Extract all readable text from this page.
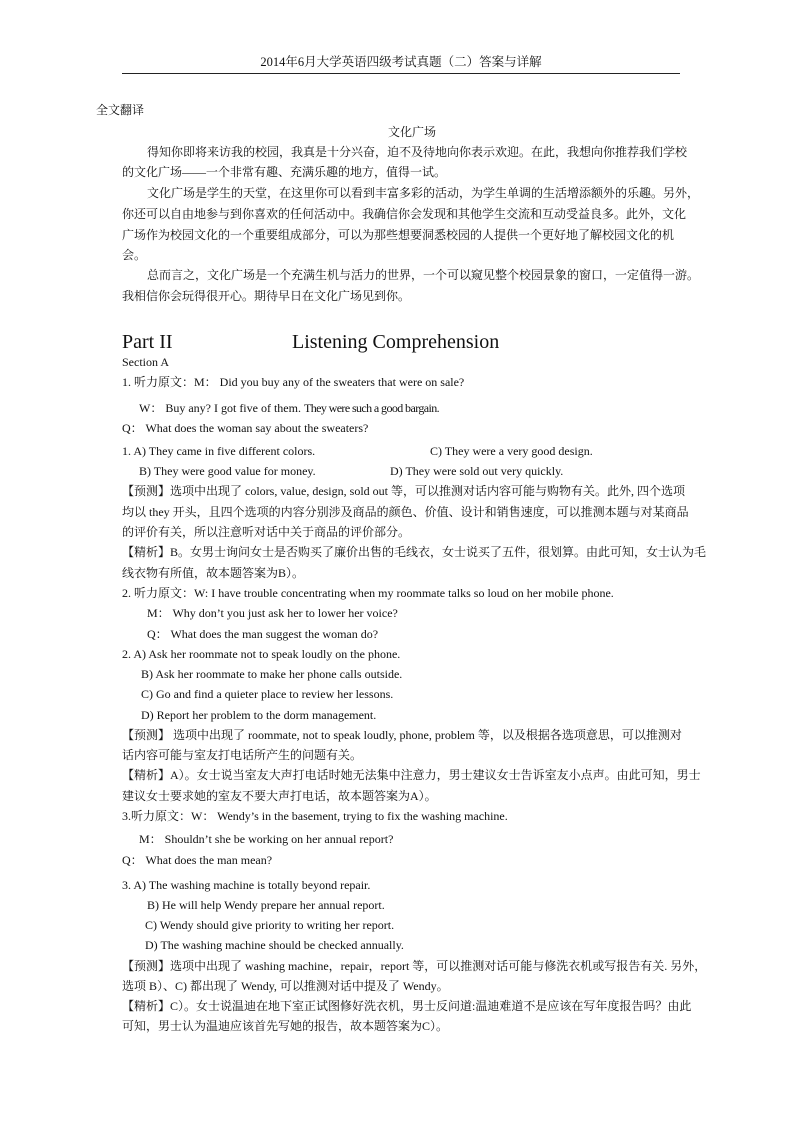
2014年6月大学英语四级考试真题（二）答案与详解
全文翻译
文化广场
得知你即将来访我的校园，我真是十分兴奋，迫不及待地向你表示欢迎。在此，我想向你推荐我们学校
的文化广场——一个非常有趣、充满乐趣的地方，值得一试。
文化广场是学生的天堂，在这里你可以看到丰富多彩的活动，为学生单调的生活增添额外的乐趣。另外，
你还可以自由地参与到你喜欢的任何活动中。我确信你会发现和其他学生交流和互动受益良多。此外，文化
广场作为校园文化的一个重要组成部分，可以为那些想要洞悉校园的人提供一个更好地了解校园文化的机
会。
总而言之，文化广场是一个充满生机与活力的世界，一个可以窥见整个校园景象的窗口，一定值得一游。
我相信你会玩得很开心。期待早日在文化广场见到你。
Part II	Listening Comprehension
Section A
1. 听力原文：M： Did you buy any of the sweaters that were on sale?
W： Buy any? I got five of them. They were such a good bargain.
Q： What does the woman say about the sweaters?
1. A) They came in five different colors.	C) They were a very good design.
B) They were good value for money.	D) They were sold out very quickly.
【预测】选项中出现了 colors, value, design, sold out 等，可以推测对话内容可能与购物有关。此外, 四个选项
均以 they 开头，且四个选项的内容分别涉及商品的颜色、价值、设计和销售速度，可以推测本题与对某商品
的评价有关，所以注意听对话中关于商品的评价部分。
【精析】B。女男士询问女士是否购买了廉价出售的毛线衣，女士说买了五件，很划算。由此可知，女士认为毛
线衣物有所值，故本题答案为B）。
2. 听力原文：W: I have trouble concentrating when my roommate talks so loud on her mobile phone.
M： Why don’t you just ask her to lower her voice?
Q： What does the man suggest the woman do?
2. A) Ask her roommate not to speak loudly on the phone.
B) Ask her roommate to make her phone calls outside.
C) Go and find a quieter place to review her lessons.
D) Report her problem to the dorm management.
【预测】 选项中出现了 roommate, not to speak loudly, phone, problem 等，以及根据各选项意思，可以推测对
话内容可能与室友打电话所产生的问题有关。
【精析】A）。女士说当室友大声打电话时她无法集中注意力，男士建议女士告诉室友小点声。由此可知，男士
建议女士要求她的室友不要大声打电话，故本题答案为A）。
3.听力原文：W： Wendy’s in the basement, trying to fix the washing machine.
M： Shouldn’t she be working on her annual report?
Q： What does the man mean?
3. A) The washing machine is totally beyond repair.
B) He will help Wendy prepare her annual report.
C) Wendy should give priority to writing her report.
D) The washing machine should be checked annually.
【预测】选项中出现了 washing machine，repair，report 等，可以推测对话可能与修洗衣机或写报告有关. 另外，
选项 B）、C) 都出现了 Wendy, 可以推测对话中提及了 Wendy。
【精析】C）。女士说温迪在地下室正试图修好洗衣机，男士反问道:温迪难道不是应该在写年度报告吗？由此
可知，男士认为温迪应该首先写她的报告，故本题答案为C）。
